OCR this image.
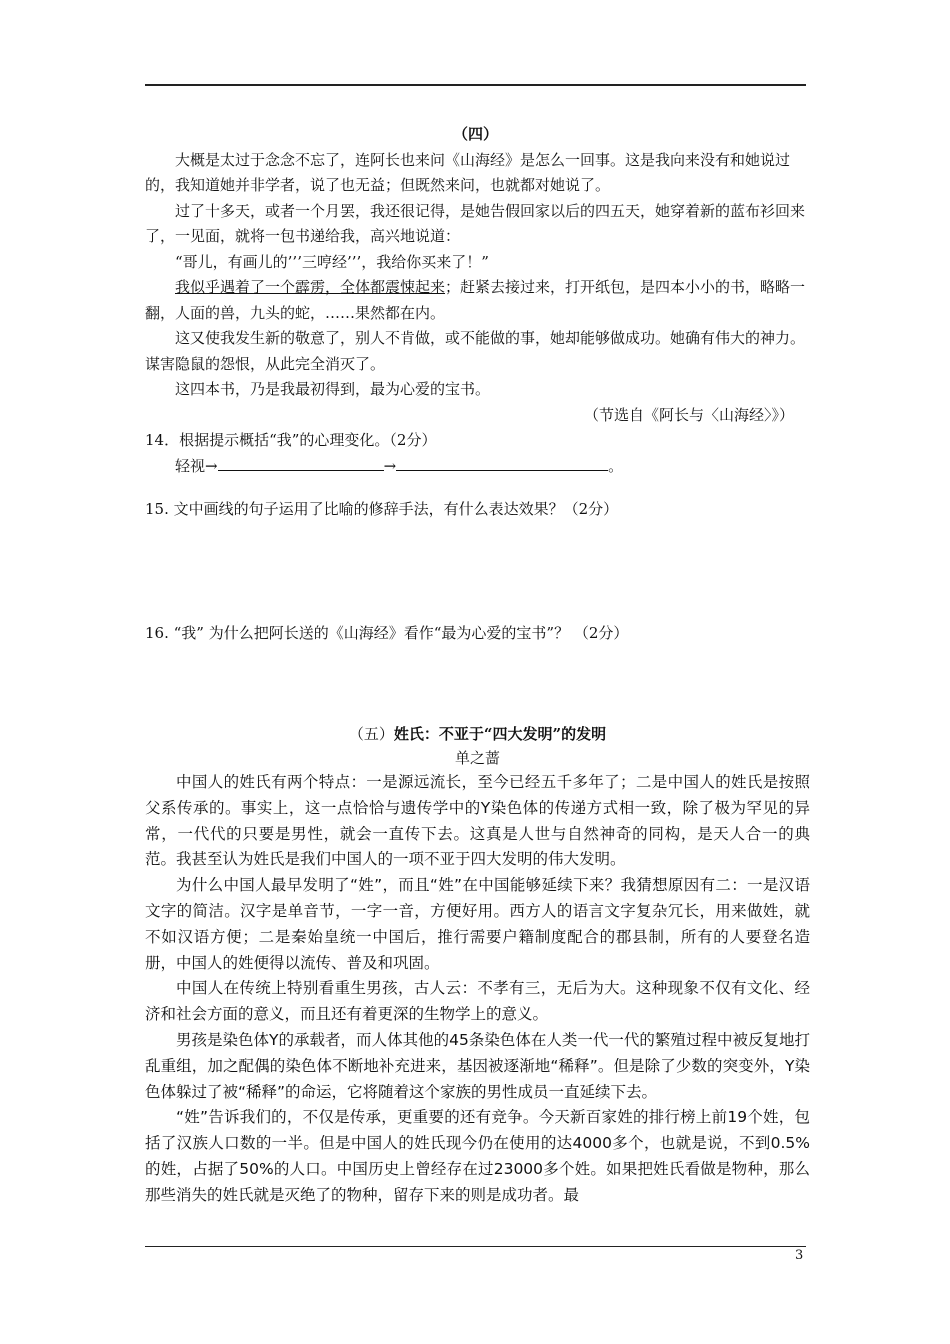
（四）

大概是太过于念念不忘了，连阿长也来问《山海经》是怎么一回事。这是我向来没有和她说过的，我知道她并非学者，说了也无益；但既然来问，也就都对她说了。

过了十多天，或者一个月罢，我还很记得，是她告假回家以后的四五天，她穿着新的蓝布衫回来了，一见面，就将一包书递给我，高兴地说道：

“哥儿，有画儿的’’’三哼经’’’，我给你买来了！”

我似乎遇着了一个霹雳，全体都震悚起来；赶紧去接过来，打开纸包，是四本小小的书，略略一翻，人面的兽，九头的蛇，……果然都在内。

这又使我发生新的敬意了，别人不肯做，或不能做的事，她却能够做成功。她确有伟大的神力。谋害隐鼠的怨恨，从此完全消灭了。

这四本书，乃是我最初得到，最为心爱的宝书。

（节选自《阿长与〈山海经〉》）

14．根据提示概括“我”的心理变化。（2分）

轻视→	→	。

15. 文中画线的句子运用了比喻的修辞手法，有什么表达效果？（2分）
16. “我” 为什么把阿长送的《山海经》看作“最为心爱的宝书”？ （2分）
（五）姓氏：不亚于“四大发明”的发明
单之蔷

中国人的姓氏有两个特点：一是源远流长，至今已经五千多年了；二是中国人的姓氏是按照父系传承的。事实上，这一点恰恰与遗传学中的Y染色体的传递方式相一致，除了极为罕见的异常，一代代的只要是男性，就会一直传下去。这真是人世与自然神奇的同构，是天人合一的典范。我甚至认为姓氏是我们中国人的一项不亚于四大发明的伟大发明。

为什么中国人最早发明了“姓”，而且“姓”在中国能够延续下来？我猜想原因有二：一是汉语文字的简洁。汉字是单音节，一字一音，方便好用。西方人的语言文字复杂冗长，用来做姓，就不如汉语方便；二是秦始皇统一中国后，推行需要户籍制度配合的郡县制，所有的人要登名造册，中国人的姓便得以流传、普及和巩固。

中国人在传统上特别看重生男孩，古人云：不孝有三，无后为大。这种现象不仅有文化、经济和社会方面的意义，而且还有着更深的生物学上的意义。

男孩是染色体Y的承载者，而人体其他的45条染色体在人类一代一代的繁殖过程中被反复地打乱重组，加之配偶的染色体不断地补充进来，基因被逐渐地“稀释”。但是除了少数的突变外，Y染色体躲过了被“稀释”的命运，它将随着这个家族的男性成员一直延续下去。

“姓”告诉我们的，不仅是传承，更重要的还有竞争。今天新百家姓的排行榜上前19个姓，包括了汉族人口数的一半。但是中国人的姓氏现今仍在使用的达4000多个，也就是说，不到0.5%的姓，占据了50%的人口。中国历史上曾经存在过23000多个姓。如果把姓氏看做是物种，那么那些消失的姓氏就是灭绝了的物种，留存下来的则是成功者。最

3
